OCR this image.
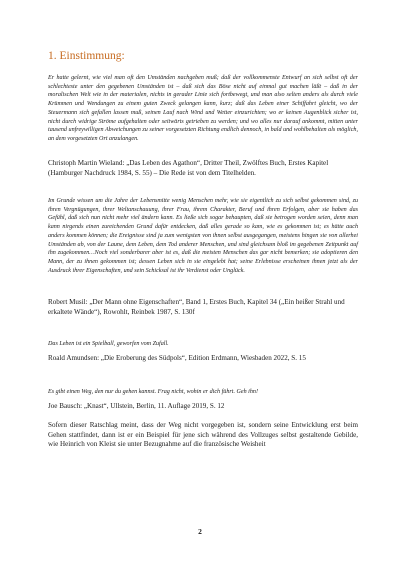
1. Einstimmung:

Er hatte gelernt, wie viel man oft den Umständen nachgeben muß; daß der vollkommenste Entwurf an sich selbst oft der schlechteste unter den gegebenen Umständen ist – daß sich das Böse nicht auf einmal gut machen läßt – daß in der moralischen Welt wie in der materialen, nichts in gerader Linie sich fortbewegt, und man also selten anders als durch viele Krümmen und Wendungen zu einem guten Zweck gelangen kann, kurz; daß das Leben einer Schiffahrt gleicht, wo der Steuermann sich gefallen lassen muß, seinen Lauf nach Wind und Wetter einzurichten; wo er keinen Augenblick sicher ist, nicht durch widrige Ströme aufgehalten oder seitwärts getrieben zu werden; und wo alles nur darauf ankommt, mitten unter tausend unfreywilligen Abweichungen zu seiner vorgesetzten Richtung endlich dennoch, in bald und wohlbehalten als möglich, an dem vorgesetzten Ort anzulangen.

Christoph Martin Wieland: „Das Leben des Agathon“, Dritter Theil, Zwölftes Buch, Erstes Kapitel (Hamburger Nachdruck 1984, S. 55) – Die Rede ist von dem Titelhelden.

Im Grunde wissen um die Jahre der Lebensmitte wenig Menschen mehr, wie sie eigentlich zu sich selbst gekommen sind, zu ihren Vergnügungen, ihrer Weltanschauung, ihrer Frau, ihrem Charakter, Beruf und ihren Erfolgen, aber sie haben das Gefühl, daß sich nun nicht mehr viel ändern kann. Es ließe sich sogar behaupten, daß sie betrogen worden seien, denn man kann nirgends einen zureichenden Grund dafür entdecken, daß alles gerade so kam, wie es gekommen ist; es hätte auch anders kommen können; die Ereignisse sind ja zum wenigsten von ihnen selbst ausgegangen, meistens hingen sie von allerhei Umständen ab, von der Laune, dem Leben, dem Tod anderer Menschen, und sind gleichsam bloß im gegebenen Zeitpunkt auf ihn zugekommen…Noch viel sonderbarer aber ist es, daß die meisten Menschen das gar nicht bemerken; sie adoptieren den Mann, der zu ihnen gekommen ist; dessen Leben sich in sie eingelebt hat; seine Erlebnisse erscheinen ihnen jetzt als der Ausdruck ihrer Eigenschaften, und sein Schicksal ist ihr Verdienst oder Unglück.

Robert Musil: „Der Mann ohne Eigenschaften“, Band 1, Erstes Buch, Kapitel 34 („Ein heißer Strahl und erkaltete Wände“), Rowohlt, Reinbek 1987, S. 130f

Das Leben ist ein Spielball, geworfen vom Zufall.

Roald Amundsen: „Die Eroberung des Südpols“, Edition Erdmann, Wiesbaden 2022, S. 15

Es gibt einen Weg, den nur du gehen kannst. Frag nicht, wohin er dich führt. Geh ihn!

Joe Bausch: „Knast“, Ullstein, Berlin, 11. Auflage 2019, S. 12

Sofern dieser Ratschlag meint, dass der Weg nicht vorgegeben ist, sondern seine Entwicklung erst beim Gehen stattfindet, dann ist er ein Beispiel für jene sich während des Vollzuges selbst gestaltende Gebilde, wie Heinrich von Kleist sie unter Bezugnahme auf die französische Weisheit

2
